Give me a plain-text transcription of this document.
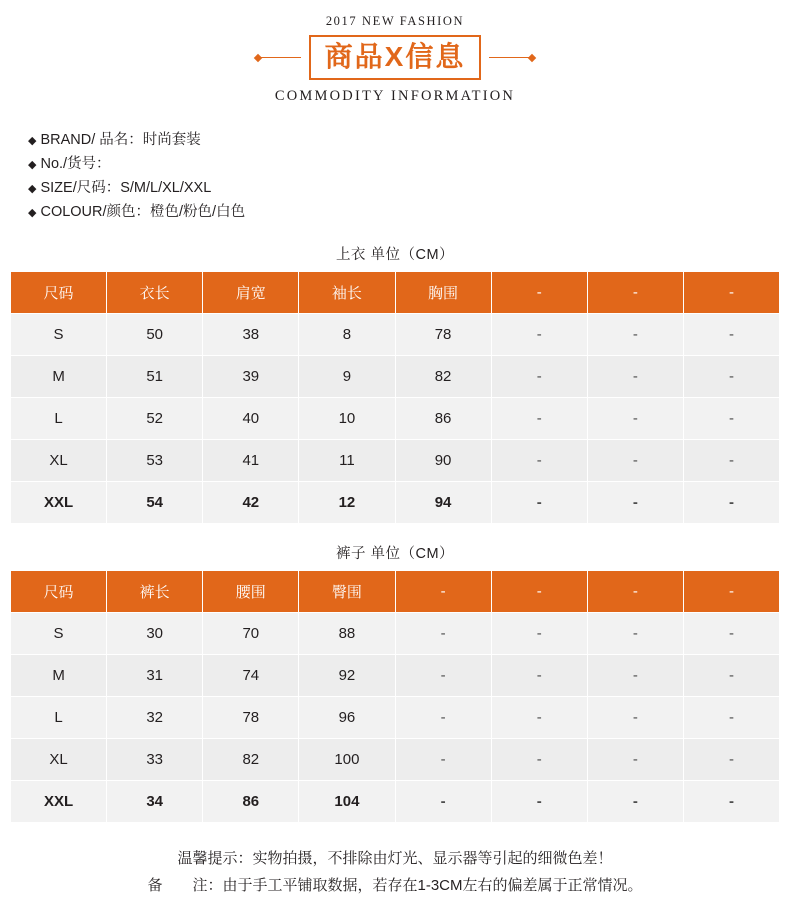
2017 NEW FASHION
商品X信息
COMMODITY INFORMATION
◆ BRAND/ 品名：时尚套装
◆ No./货号：
◆ SIZE/尺码：S/M/L/XL/XXL
◆ COLOUR/颜色：橙色/粉色/白色
上衣 单位（CM）
尺码	衣长	肩宽	袖长	胸围	-	-	-
S	50	38	8	78	-	-	-
M	51	39	9	82	-	-	-
L	52	40	10	86	-	-	-
XL	53	41	11	90	-	-	-
XXL	54	42	12	94	-	-	-
裤子 单位（CM）
尺码	裤长	腰围	臀围	-	-	-	-
S	30	70	88	-	-	-	-
M	31	74	92	-	-	-	-
L	32	78	96	-	-	-	-
XL	33	82	100	-	-	-	-
XXL	34	86	104	-	-	-	-
温馨提示：实物拍摄，不排除由灯光、显示器等引起的细微色差！
备　　注：由于手工平铺取数据，若存在1-3CM左右的偏差属于正常情况。
